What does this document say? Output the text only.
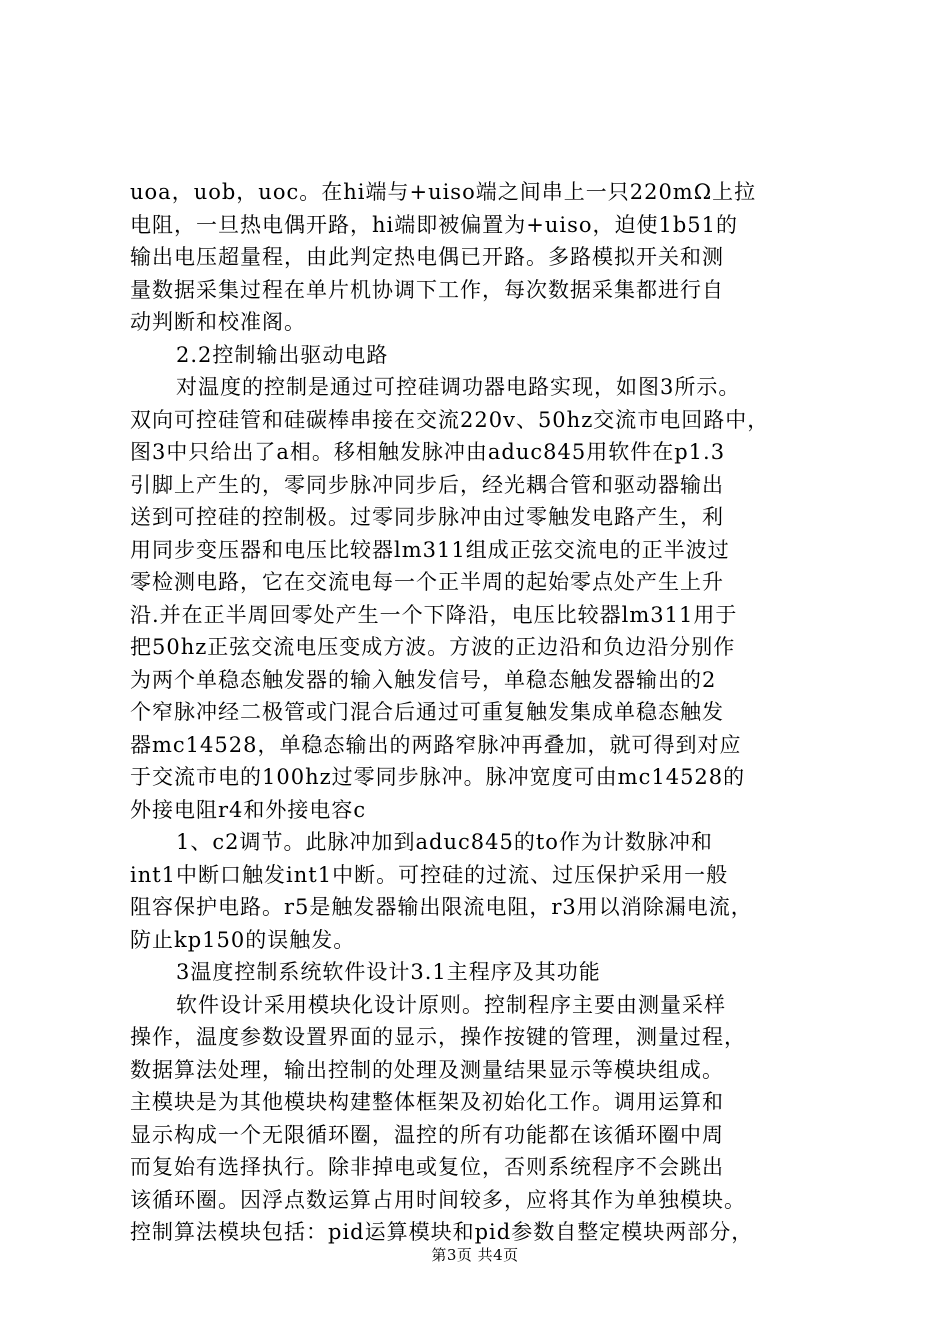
uoa，uob，uoc。在hi端与+uiso端之间串上一只220mΩ上拉
电阻，一旦热电偶开路，hi端即被偏置为+uiso，迫使1b51的
输出电压超量程，由此判定热电偶已开路。多路模拟开关和测
量数据采集过程在单片机协调下工作，每次数据采集都进行自
动判断和校准阁。
2.2控制输出驱动电路
对温度的控制是通过可控硅调功器电路实现，如图3所示。
双向可控硅管和硅碳棒串接在交流220v、50hz交流市电回路中，
图3中只给出了a相。移相触发脉冲由aduc845用软件在p1.3
引脚上产生的，零同步脉冲同步后，经光耦合管和驱动器输出
送到可控硅的控制极。过零同步脉冲由过零触发电路产生，利
用同步变压器和电压比较器lm311组成正弦交流电的正半波过
零检测电路，它在交流电每一个正半周的起始零点处产生上升
沿.并在正半周回零处产生一个下降沿，电压比较器lm311用于
把50hz正弦交流电压变成方波。方波的正边沿和负边沿分别作
为两个单稳态触发器的输入触发信号，单稳态触发器输出的2
个窄脉冲经二极管或门混合后通过可重复触发集成单稳态触发
器mc14528，单稳态输出的两路窄脉冲再叠加，就可得到对应
于交流市电的100hz过零同步脉冲。脉冲宽度可由mc14528的
外接电阻r4和外接电容c
1、c2调节。此脉冲加到aduc845的to作为计数脉冲和
int1中断口触发int1中断。可控硅的过流、过压保护采用一般
阻容保护电路。r5是触发器输出限流电阻，r3用以消除漏电流，
防止kp150的误触发。
3温度控制系统软件设计3.1主程序及其功能
软件设计采用模块化设计原则。控制程序主要由测量采样
操作，温度参数设置界面的显示，操作按键的管理，测量过程，
数据算法处理，输出控制的处理及测量结果显示等模块组成。
主模块是为其他模块构建整体框架及初始化工作。调用运算和
显示构成一个无限循环圈，温控的所有功能都在该循环圈中周
而复始有选择执行。除非掉电或复位，否则系统程序不会跳出
该循环圈。因浮点数运算占用时间较多，应将其作为单独模块。
控制算法模块包括：pid运算模块和pid参数自整定模块两部分，
第3页 共4页
